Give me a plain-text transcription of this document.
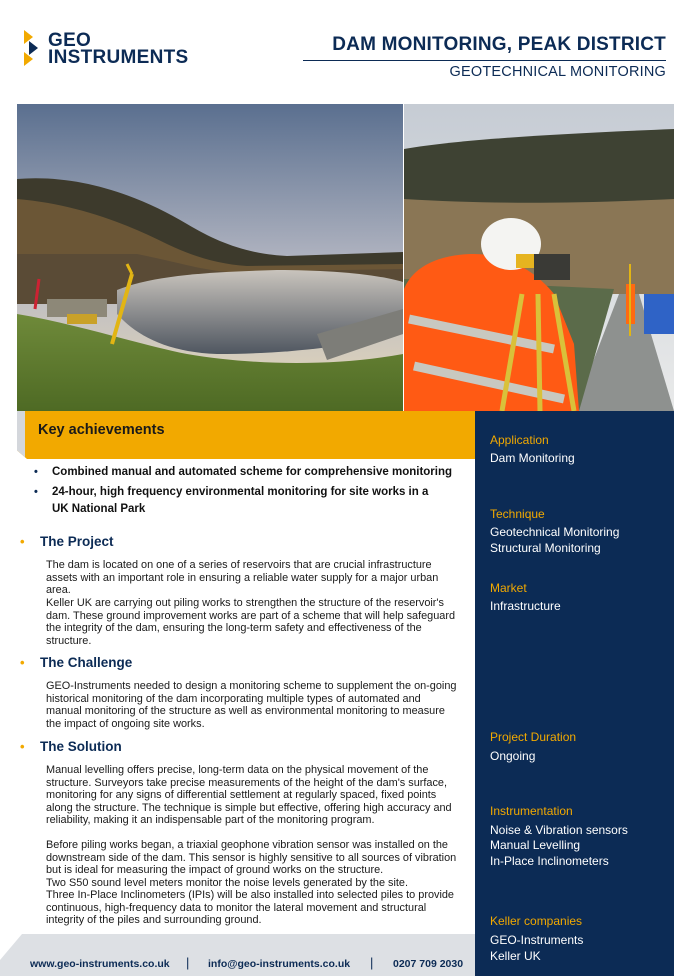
GEO
INSTRUMENTS
DAM MONITORING, PEAK DISTRICT
GEOTECHNICAL MONITORING
Key achievements
•	Combined manual and automated scheme for comprehensive monitoring
•	24-hour, high frequency environmental monitoring for site works in a
UK National Park
• The Project
The dam is located on one of a series of reservoirs that are crucial infrastructure assets with an important role in ensuring a reliable water supply for a major urban area.
Keller UK are carrying out piling works to strengthen the structure of the reservoir's dam. These ground improvement works are part of a scheme that will help safeguard the integrity of the dam, ensuring the long-term safety and effectiveness of the structure.
• The Challenge
GEO-Instruments needed to design a monitoring scheme to supplement the on-going historical monitoring of the dam incorporating multiple types of automated and manual monitoring of the structure as well as environmental monitoring to measure the impact of ongoing site works.
• The Solution
Manual levelling offers precise, long-term data on the physical movement of the structure. Surveyors take precise measurements of the height of the dam's surface, monitoring for any signs of differential settlement at regularly spaced, fixed points along the structure. The technique is simple but effective, offering high accuracy and reliability, making it an indispensable part of the monitoring program.
Before piling works began, a triaxial geophone vibration sensor was installed on the downstream side of the dam. This sensor is highly sensitive to all sources of vibration but is ideal for measuring the impact of ground works on the structure.
Two S50 sound level meters monitor the noise levels generated by the site.
Three In-Place Inclinometers (IPIs) will be also installed into selected piles to provide continuous, high-frequency data to monitor the lateral movement and structural integrity of the piles and surrounding ground.
Application
Dam Monitoring
Technique
Geotechnical Monitoring
Structural Monitoring
Market
Infrastructure
Project Duration
Ongoing
Instrumentation
Noise & Vibration sensors
Manual Levelling
In-Place Inclinometers
Keller companies
GEO-Instruments
Keller UK
www.geo-instruments.co.uk | info@geo-instruments.co.uk | 0207 709 2030
